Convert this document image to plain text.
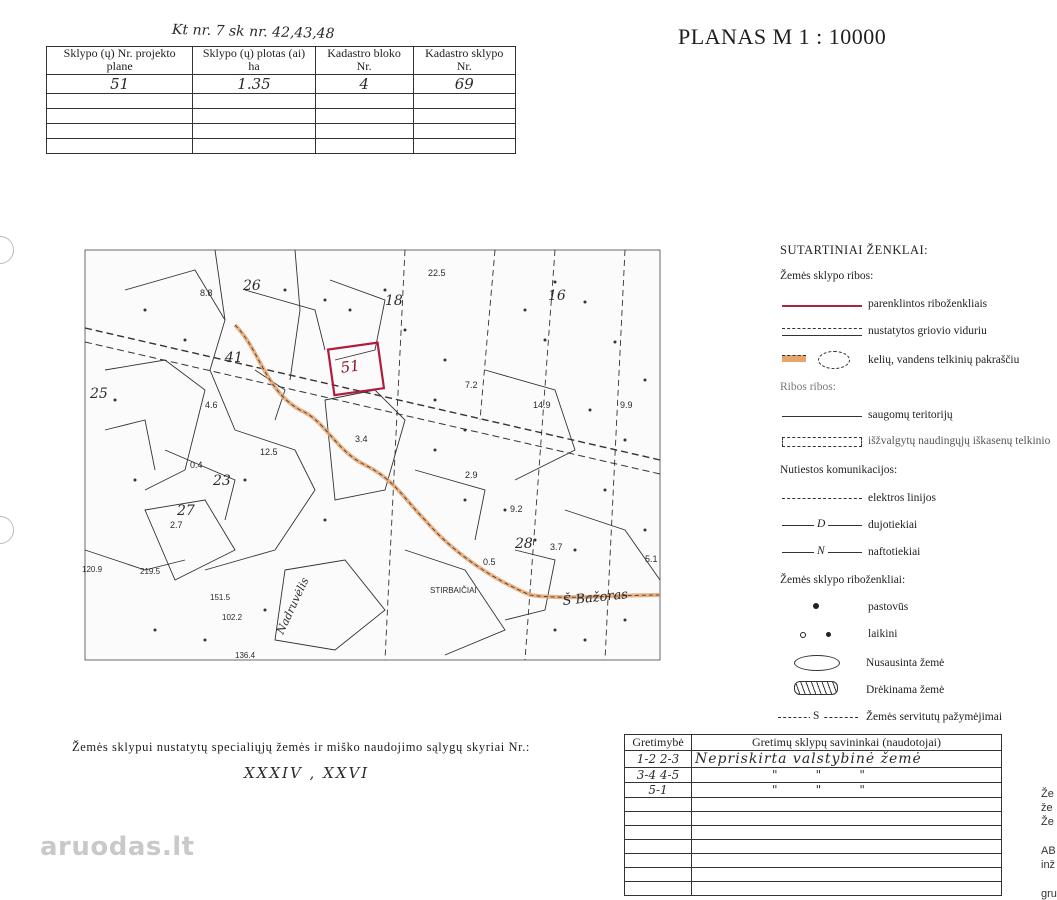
Kt nr. 7 sk nr. 42,43,48	PLANAS M 1 : 10000
Sklypo (ų) Nr. projekto plane	Sklypo (ų) plotas (ai) ha	Kadastro bloko Nr.	Kadastro sklypo Nr.
51	1.35	4	69

8.8
22.5
7.2
9.2
12.5
2.9
3.7
5.1
4.6
2.7
0.4
3.4
0.5
14.9	9.9
120.9	219.5
151.5
102.2
136.4
STIRBAIČIAI
26
16
25
23
41
18
28
27
51
Š Bažoras
Nadruvėlis
SUTARTINIAI ŽENKLAI:
Žemės sklypo ribos:
parenklintos riboženkliais
nustatytos griovio viduriu
kelių, vandens telkinių pakraščiu
Ribos ribos:
saugomų teritorijų
išžvalgytų naudingųjų iškasenų telkinio
Nutiestos komunikacijos:
elektros linijos
D	dujotiekiai
N	naftotiekiai
Žemės sklypo riboženkliai:
pastovūs
laikini
Nusausinta žemė
Drėkinama žemė
S	Žemės servitutų pažymėjimai
Žemės sklypui nustatytų specialiųjų žemės ir miško naudojimo sąlygų skyriai Nr.:
XXXIV , XXVI
Gretimybė	Gretimų sklypų savininkai (naudotojai)
1-2 2-3	Nepriskirta valstybinė žemė
3-4 4-5	"          "          "
5-1	"          "          "

		Že
že
Že
AB
inž
gru
aruodas.lt
